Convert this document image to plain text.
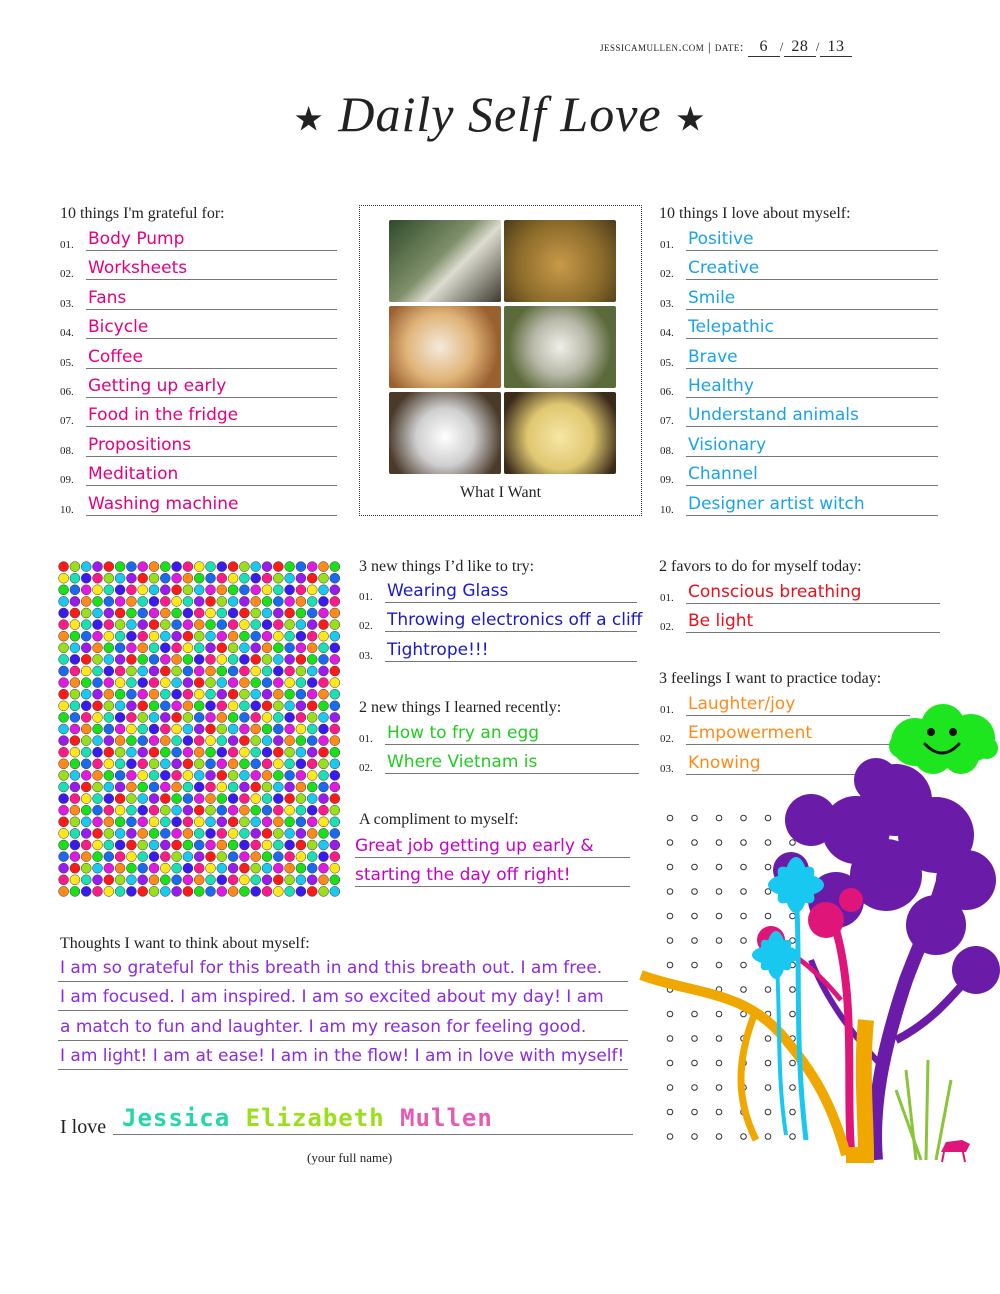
jessicamullen.com | date: 6 / 28 / 13
★ Daily Self Love ★
10 things I'm grateful for:
01. Body Pump
02. Worksheets
03. Fans
04. Bicycle
05. Coffee
06. Getting up early
07. Food in the fridge
08. Propositions
09. Meditation
10. Washing machine
What I Want
10 things I love about myself:
01. Positive
02. Creative
03. Smile
04. Telepathic
05. Brave
06. Healthy
07. Understand animals
08. Visionary
09. Channel
10. Designer artist witch
3 new things I’d like to try:
01. Wearing Glass
02. Throwing electronics off a cliff
03. Tightrope!!!
2 new things I learned recently:
01. How to fry an egg
02. Where Vietnam is
A compliment to myself:
Great job getting up early &
starting the day off right!
2 favors to do for myself today:
01. Conscious breathing
02. Be light
3 feelings I want to practice today:
01. Laughter/joy
02. Empowerment
03. Knowing
Thoughts I want to think about myself:
I am so grateful for this breath in and this breath out. I am free.
I am focused. I am inspired. I am so excited about my day! I am
a match to fun and laughter. I am my reason for feeling good.
I am light! I am at ease! I am in the flow! I am in love with myself!
I love Jessica Elizabeth Mullen
(your full name)
